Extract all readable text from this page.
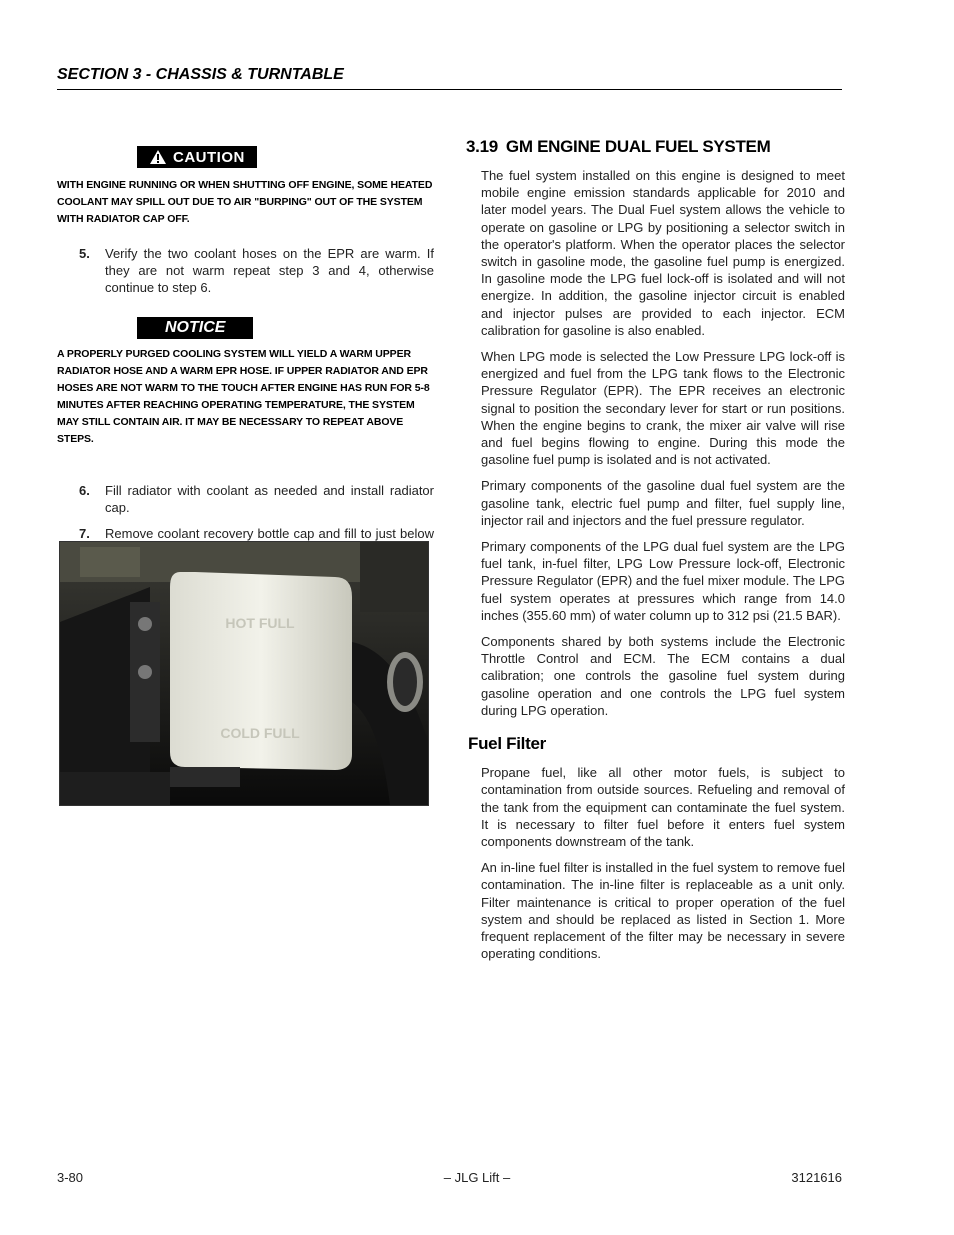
SECTION 3 - CHASSIS & TURNTABLE
CAUTION

WITH ENGINE RUNNING OR WHEN SHUTTING OFF ENGINE, SOME HEATED COOLANT MAY SPILL OUT DUE TO AIR "BURPING" OUT OF THE SYSTEM WITH RADIATOR CAP OFF.

5.	Verify the two coolant hoses on the EPR are warm. If they are not warm repeat step 3 and 4, otherwise continue to step 6.
NOTICE

A PROPERLY PURGED COOLING SYSTEM WILL YIELD A WARM UPPER RADIATOR HOSE AND A WARM EPR HOSE. IF UPPER RADIATOR AND EPR HOSES ARE NOT WARM TO THE TOUCH AFTER ENGINE HAS RUN FOR 5-8 MINUTES AFTER REACHING OPERATING TEMPERATURE, THE SYSTEM MAY STILL CONTAIN AIR. IT MAY BE NECESSARY TO REPEAT ABOVE STEPS.

6.	Fill radiator with coolant as needed and install radiator cap.
7.	Remove coolant recovery bottle cap and fill to just below
HOT FULL
COLD FULL
3.19 GM ENGINE DUAL FUEL SYSTEM

The fuel system installed on this engine is designed to meet mobile engine emission standards applicable for 2010 and later model years. The Dual Fuel system allows the vehicle to operate on gasoline or LPG by positioning a selector switch in the operator's platform. When the operator places the selector switch in gasoline mode, the gasoline fuel pump is energized. In gasoline mode the LPG fuel lock-off is isolated and will not energize. In addition, the gasoline injector circuit is enabled and injector pulses are provided to each injector. ECM calibration for gasoline is also enabled.

When LPG mode is selected the Low Pressure LPG lock-off is energized and fuel from the LPG tank flows to the Electronic Pressure Regulator (EPR). The EPR receives an electronic signal to position the secondary lever for start or run positions. When the engine begins to crank, the mixer air valve will rise and fuel begins flowing to engine. During this mode the gasoline fuel pump is isolated and is not activated.

Primary components of the gasoline dual fuel system are the gasoline tank, electric fuel pump and filter, fuel supply line, injector rail and injectors and the fuel pressure regulator.

Primary components of the LPG dual fuel system are the LPG fuel tank, in-fuel filter, LPG Low Pressure lock-off, Electronic Pressure Regulator (EPR) and the fuel mixer module. The LPG fuel system operates at pressures which range from 14.0 inches (355.60 mm) of water column up to 312 psi (21.5 BAR).

Components shared by both systems include the Electronic Throttle Control and ECM. The ECM contains a dual calibration; one controls the gasoline fuel system during gasoline operation and one controls the LPG fuel system during LPG operation.

Fuel Filter

Propane fuel, like all other motor fuels, is subject to contamination from outside sources. Refueling and removal of the tank from the equipment can contaminate the fuel system. It is necessary to filter fuel before it enters fuel system components downstream of the tank.

An in-line fuel filter is installed in the fuel system to remove fuel contamination. The in-line filter is replaceable as a unit only. Filter maintenance is critical to proper operation of the fuel system and should be replaced as listed in Section 1. More frequent replacement of the filter may be necessary in severe operating conditions.

3-80	– JLG Lift –	3121616
